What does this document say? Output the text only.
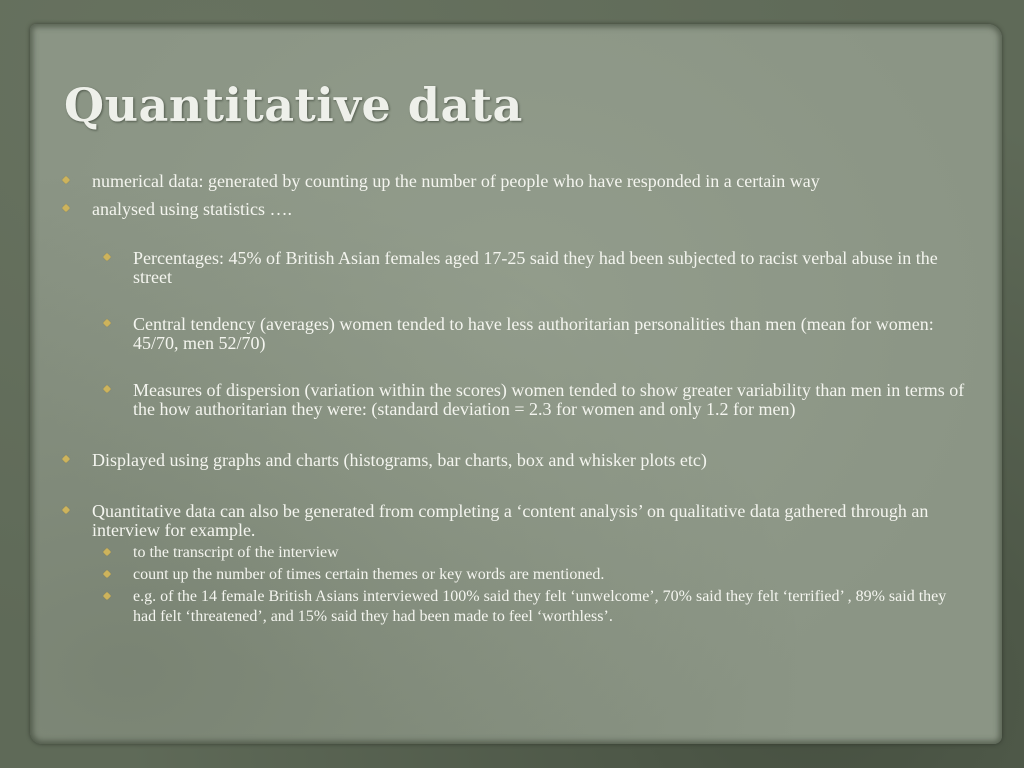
Quantitative data
numerical data: generated by counting up the number of people who have responded in a certain way
analysed using statistics ….
Percentages: 45% of British Asian females aged 17-25 said they had been subjected to racist verbal abuse in the street
Central tendency (averages) women tended to have less authoritarian personalities than men (mean for women: 45/70, men 52/70)
Measures of dispersion (variation within the scores) women tended to show greater variability than men in terms of the how authoritarian they were: (standard deviation = 2.3 for women and only 1.2 for men)
Displayed using graphs and charts (histograms, bar charts, box and whisker plots etc)
Quantitative data can also be generated from completing a ‘content analysis’ on qualitative data gathered through an interview for example.
to the transcript of the interview
count up the number of times certain themes or key words are mentioned.
e.g. of the 14 female British Asians interviewed 100% said they felt ‘unwelcome’, 70% said they felt ‘terrified’ , 89% said they had felt ‘threatened’, and 15% said they had been made to feel ‘worthless’.
